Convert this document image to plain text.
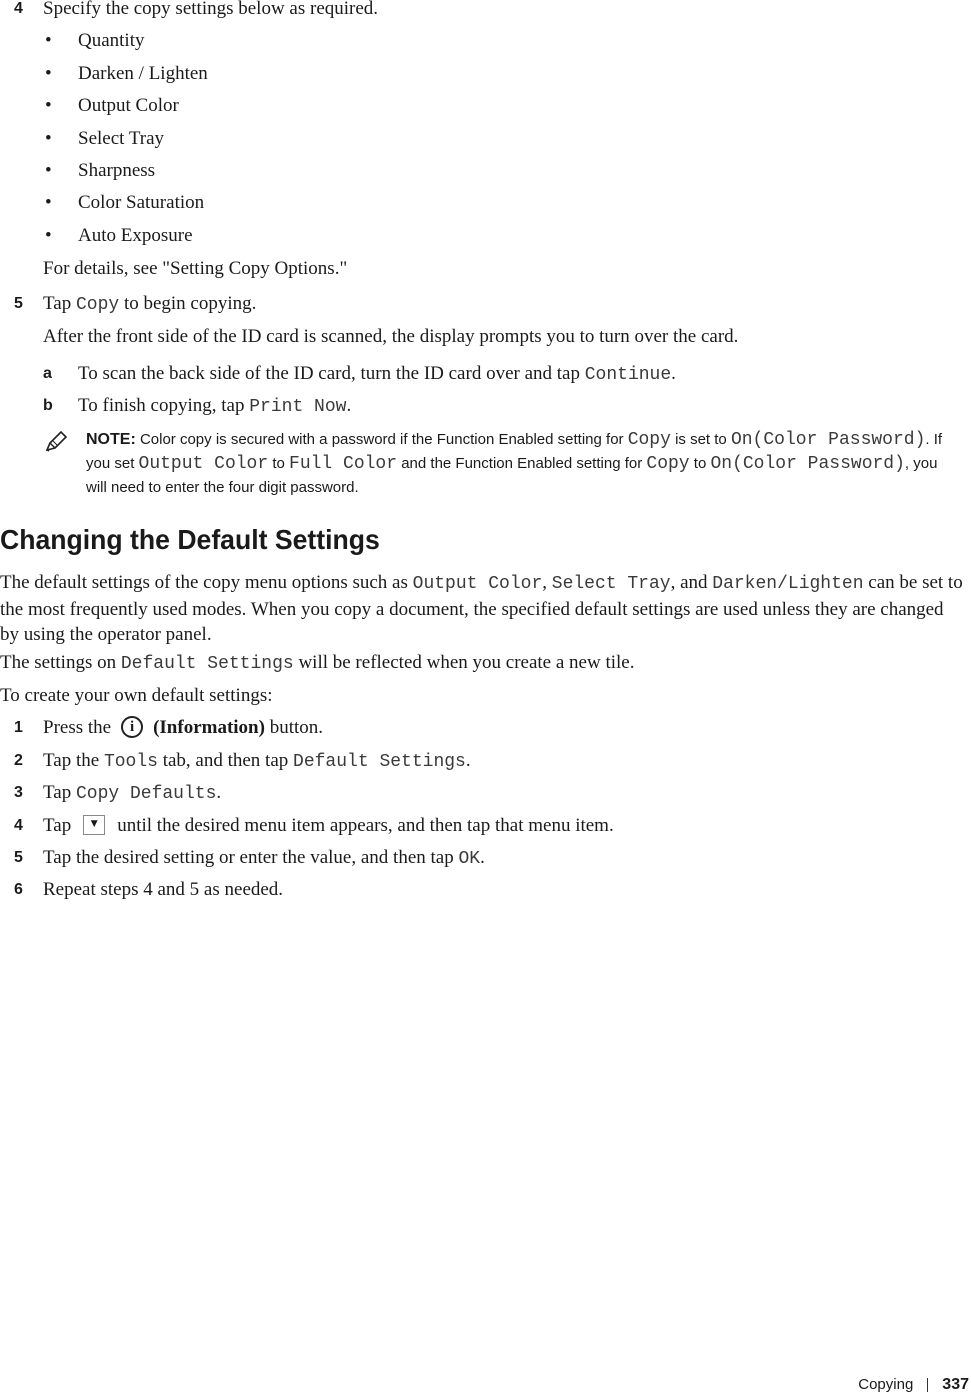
4 Specify the copy settings below as required.
• Quantity
• Darken / Lighten
• Output Color
• Select Tray
• Sharpness
• Color Saturation
• Auto Exposure
For details, see "Setting Copy Options."
5 Tap Copy to begin copying.
After the front side of the ID card is scanned, the display prompts you to turn over the card.
a To scan the back side of the ID card, turn the ID card over and tap Continue.
b To finish copying, tap Print Now.
NOTE: Color copy is secured with a password if the Function Enabled setting for Copy is set to On(Color Password). If you set Output Color to Full Color and the Function Enabled setting for Copy to On(Color Password), you will need to enter the four digit password.
Changing the Default Settings
The default settings of the copy menu options such as Output Color, Select Tray, and Darken/Lighten can be set to the most frequently used modes. When you copy a document, the specified default settings are used unless they are changed by using the operator panel.
The settings on Default Settings will be reflected when you create a new tile.
To create your own default settings:
1 Press the i (Information) button.
2 Tap the Tools tab, and then tap Default Settings.
3 Tap Copy Defaults.
4 Tap ▼ until the desired menu item appears, and then tap that menu item.
5 Tap the desired setting or enter the value, and then tap OK.
6 Repeat steps 4 and 5 as needed.
Copying 337
